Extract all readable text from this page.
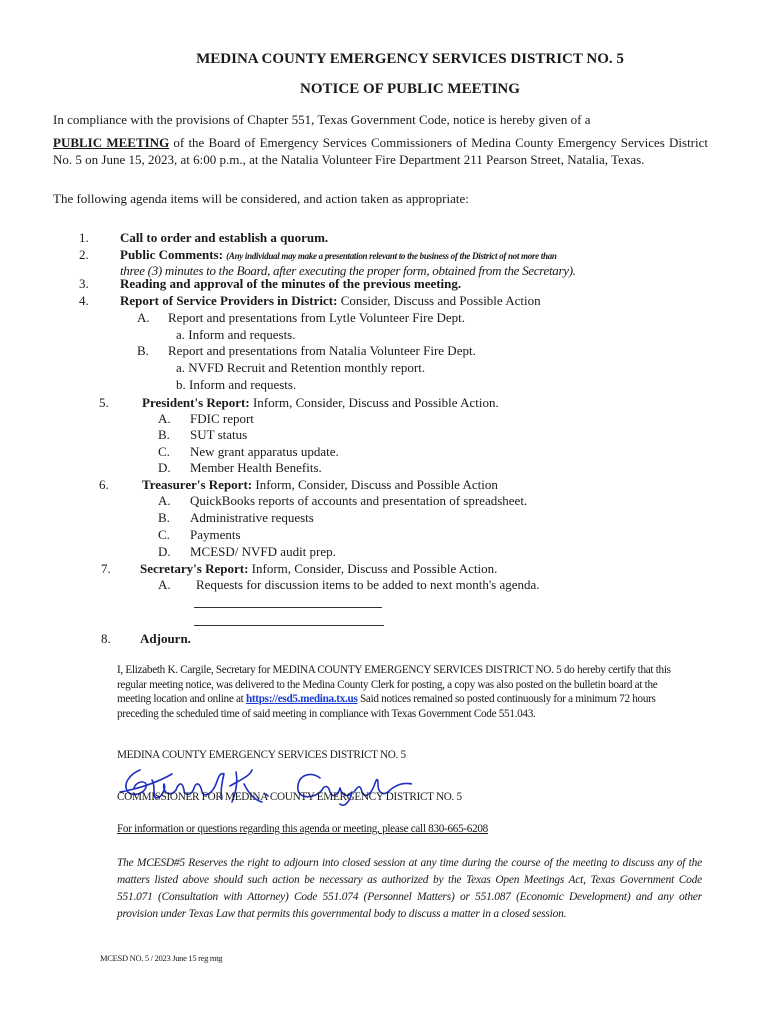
MEDINA COUNTY EMERGENCY SERVICES DISTRICT NO. 5
NOTICE OF PUBLIC MEETING
In compliance with the provisions of Chapter 551, Texas Government Code, notice is hereby given of a
PUBLIC MEETING of the Board of Emergency Services Commissioners of Medina County Emergency Services District No. 5 on June 15, 2023, at 6:00 p.m., at the Natalia Volunteer Fire Department 211 Pearson Street, Natalia, Texas.
The following agenda items will be considered, and action taken as appropriate:
1. Call to order and establish a quorum.
2. Public Comments: (Any individual may make a presentation relevant to the business of the District of not more than
three (3) minutes to the Board, after executing the proper form, obtained from the Secretary).
3. Reading and approval of the minutes of the previous meeting.
4. Report of Service Providers in District: Consider, Discuss and Possible Action
A. Report and presentations from Lytle Volunteer Fire Dept.
a. Inform and requests.
B. Report and presentations from Natalia Volunteer Fire Dept.
a. NVFD Recruit and Retention monthly report.
b. Inform and requests.
5.	President's Report: Inform, Consider, Discuss and Possible Action.
A. FDIC report
B. SUT status
C. New grant apparatus update.
D. Member Health Benefits.
6.	Treasurer's Report: Inform, Consider, Discuss and Possible Action
A. QuickBooks reports of accounts and presentation of spreadsheet.
B. Administrative requests
C. Payments
D. MCESD/ NVFD audit prep.
7. Secretary's Report: Inform, Consider, Discuss and Possible Action.
A. Requests for discussion items to be added to next month's agenda.
8. Adjourn.
I, Elizabeth K. Cargile, Secretary for MEDINA COUNTY EMERGENCY SERVICES DISTRICT NO. 5 do hereby certify that this regular meeting notice, was delivered to the Medina County Clerk for posting, a copy was also posted on the bulletin board at the meeting location and online at https://esd5.medina.tx.us Said notices remained so posted continuously for a minimum 72 hours preceding the scheduled time of said meeting in compliance with Texas Government Code 551.043.
MEDINA COUNTY EMERGENCY SERVICES DISTRICT NO. 5
COMMISSIONER FOR MEDINA COUNTY EMERGENCY DISTRICT NO. 5
For information or questions regarding this agenda or meeting, please call 830-665-6208
The MCESD#5 Reserves the right to adjourn into closed session at any time during the course of the meeting to discuss any of the matters listed above should such action be necessary as authorized by the Texas Open Meetings Act, Texas Government Code 551.071 (Consultation with Attorney) Code 551.074 (Personnel Matters) or 551.087 (Economic Development) and any other provision under Texas Law that permits this governmental body to discuss a matter in a closed session.
MCESD NO. 5 / 2023 June 15 reg mtg
